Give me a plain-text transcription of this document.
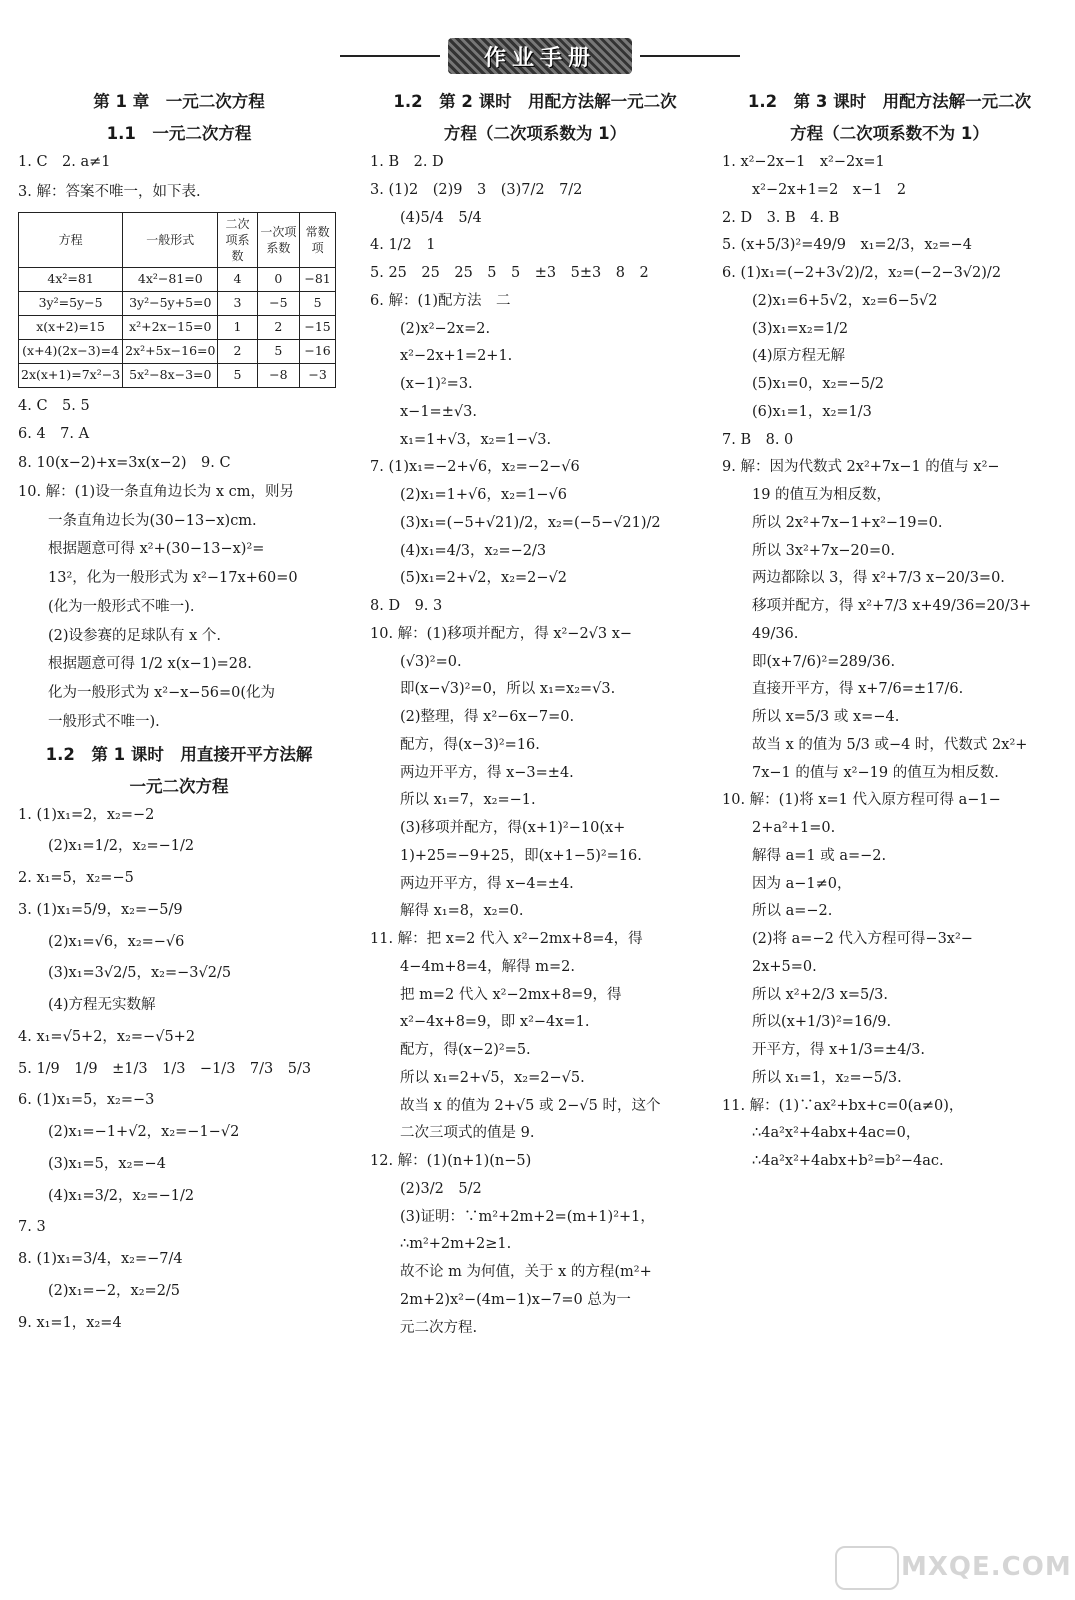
作业手册
第 1 章　一元二次方程
1.1　一元二次方程
1. C　2. a≠1
3. 解：答案不唯一，如下表.
方程	一般形式	二次项系数	一次项系数	常数项
4x²=81	4x²−81=0	4	0	−81
3y²=5y−5	3y²−5y+5=0	3	−5	5
x(x+2)=15	x²+2x−15=0	1	2	−15
(x+4)(2x−3)=4	2x²+5x−16=0	2	5	−16
2x(x+1)=7x²−3	5x²−8x−3=0	5	−8	−3
4. C　5. 5
6. 4　7. A
8. 10(x−2)+x=3x(x−2)　9. C
10. 解：(1)设一条直角边长为 x cm，则另
一条直角边长为(30−13−x)cm.
根据题意可得 x²+(30−13−x)²=
13²，化为一般形式为 x²−17x+60=0
(化为一般形式不唯一).
(2)设参赛的足球队有 x 个.
根据题意可得 1/2 x(x−1)=28.
化为一般形式为 x²−x−56=0(化为
一般形式不唯一).
1.2　第 1 课时　用直接开平方法解
一元二次方程
1. (1)x₁=2，x₂=−2
(2)x₁=1/2，x₂=−1/2
2. x₁=5，x₂=−5
3. (1)x₁=5/9，x₂=−5/9
(2)x₁=√6，x₂=−√6
(3)x₁=3√2/5，x₂=−3√2/5
(4)方程无实数解
4. x₁=√5+2，x₂=−√5+2
5. 1/9　1/9　±1/3　1/3　−1/3　7/3　5/3
6. (1)x₁=5，x₂=−3
(2)x₁=−1+√2，x₂=−1−√2
(3)x₁=5，x₂=−4
(4)x₁=3/2，x₂=−1/2
7. 3
8. (1)x₁=3/4，x₂=−7/4
(2)x₁=−2，x₂=2/5
9. x₁=1，x₂=4
1.2　第 2 课时　用配方法解一元二次
方程（二次项系数为 1）
1. B　2. D
3. (1)2　(2)9　3　(3)7/2　7/2
(4)5/4　5/4
4. 1/2　1
5. 25　25　25　5　5　±3　5±3　8　2
6. 解：(1)配方法　二
(2)x²−2x=2.
x²−2x+1=2+1.
(x−1)²=3.
x−1=±√3.
x₁=1+√3，x₂=1−√3.
7. (1)x₁=−2+√6，x₂=−2−√6
(2)x₁=1+√6，x₂=1−√6
(3)x₁=(−5+√21)/2，x₂=(−5−√21)/2
(4)x₁=4/3，x₂=−2/3
(5)x₁=2+√2，x₂=2−√2
8. D　9. 3
10. 解：(1)移项并配方，得 x²−2√3 x−
(√3)²=0.
即(x−√3)²=0，所以 x₁=x₂=√3.
(2)整理，得 x²−6x−7=0.
配方，得(x−3)²=16.
两边开平方，得 x−3=±4.
所以 x₁=7，x₂=−1.
(3)移项并配方，得(x+1)²−10(x+
1)+25=−9+25，即(x+1−5)²=16.
两边开平方，得 x−4=±4.
解得 x₁=8，x₂=0.
11. 解：把 x=2 代入 x²−2mx+8=4，得
4−4m+8=4，解得 m=2.
把 m=2 代入 x²−2mx+8=9，得
x²−4x+8=9，即 x²−4x=1.
配方，得(x−2)²=5.
所以 x₁=2+√5，x₂=2−√5.
故当 x 的值为 2+√5 或 2−√5 时，这个
二次三项式的值是 9.
12. 解：(1)(n+1)(n−5)
(2)3/2　5/2
(3)证明：∵m²+2m+2=(m+1)²+1，
∴m²+2m+2≥1.
故不论 m 为何值，关于 x 的方程(m²+
2m+2)x²−(4m−1)x−7=0 总为一
元二次方程.
1.2　第 3 课时　用配方法解一元二次
方程（二次项系数不为 1）
1. x²−2x−1　x²−2x=1
x²−2x+1=2　x−1　2
2. D　3. B　4. B
5. (x+5/3)²=49/9　x₁=2/3，x₂=−4
6. (1)x₁=(−2+3√2)/2，x₂=(−2−3√2)/2
(2)x₁=6+5√2，x₂=6−5√2
(3)x₁=x₂=1/2
(4)原方程无解
(5)x₁=0，x₂=−5/2
(6)x₁=1，x₂=1/3
7. B　8. 0
9. 解：因为代数式 2x²+7x−1 的值与 x²−
19 的值互为相反数，
所以 2x²+7x−1+x²−19=0.
所以 3x²+7x−20=0.
两边都除以 3，得 x²+7/3 x−20/3=0.
移项并配方，得 x²+7/3 x+49/36=20/3+
49/36.
即(x+7/6)²=289/36.
直接开平方，得 x+7/6=±17/6.
所以 x=5/3 或 x=−4.
故当 x 的值为 5/3 或−4 时，代数式 2x²+
7x−1 的值与 x²−19 的值互为相反数.
10. 解：(1)将 x=1 代入原方程可得 a−1−
2+a²+1=0.
解得 a=1 或 a=−2.
因为 a−1≠0，
所以 a=−2.
(2)将 a=−2 代入方程可得−3x²−
2x+5=0.
所以 x²+2/3 x=5/3.
所以(x+1/3)²=16/9.
开平方，得 x+1/3=±4/3.
所以 x₁=1，x₂=−5/3.
11. 解：(1)∵ax²+bx+c=0(a≠0)，
∴4a²x²+4abx+4ac=0，
∴4a²x²+4abx+b²=b²−4ac.
MXQE.COM
